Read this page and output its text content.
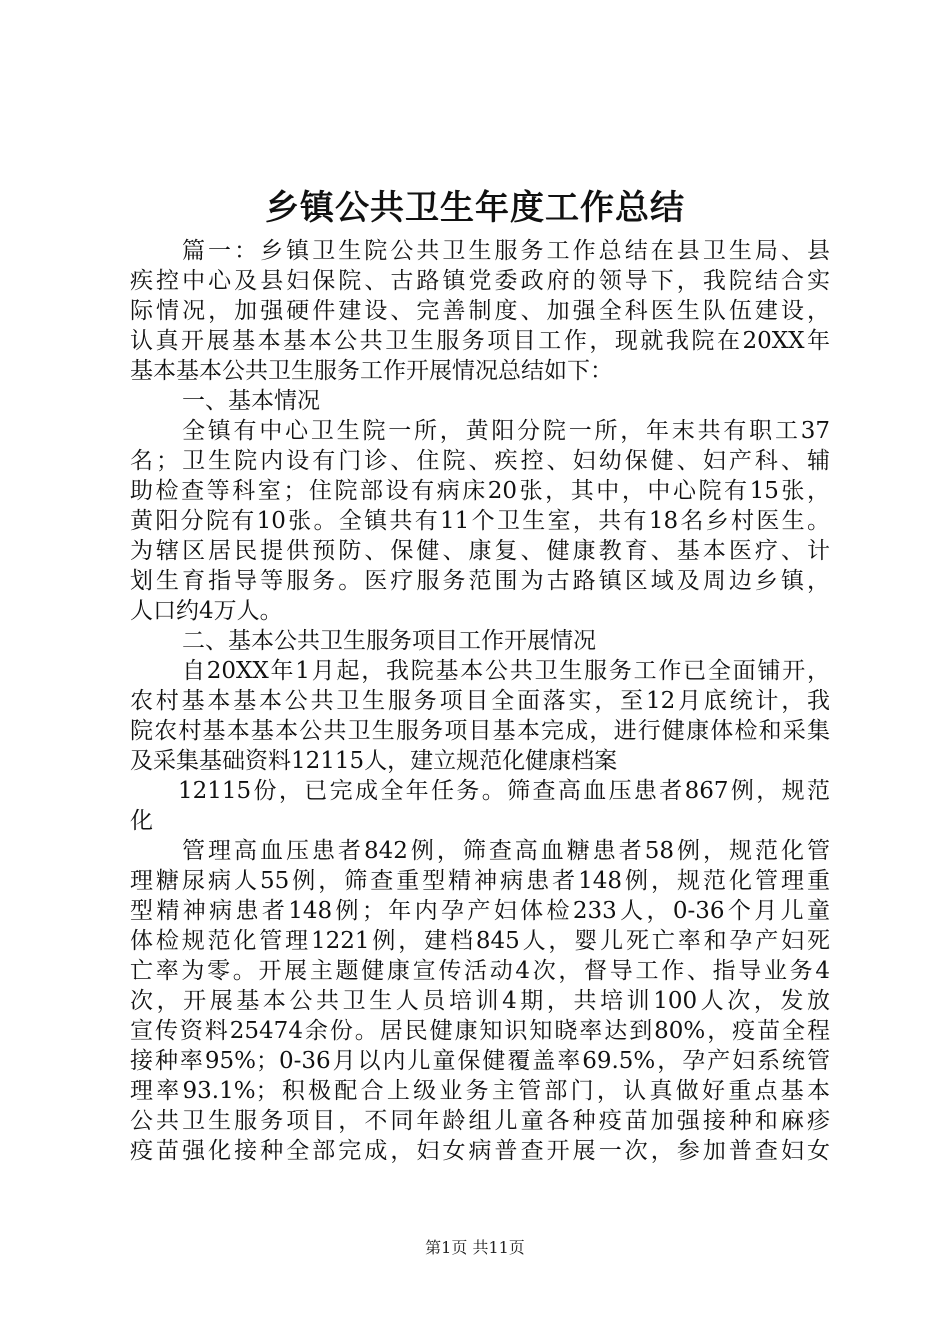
乡镇公共卫生年度工作总结
篇一：乡镇卫生院公共卫生服务工作总结在县卫生局、县
疾控中心及县妇保院、古路镇党委政府的领导下，我院结合实
际情况，加强硬件建设、完善制度、加强全科医生队伍建设，
认真开展基本基本公共卫生服务项目工作，现就我院在20XX年
基本基本公共卫生服务工作开展情况总结如下：
一、基本情况
全镇有中心卫生院一所，黄阳分院一所，年末共有职工37
名；卫生院内设有门诊、住院、疾控、妇幼保健、妇产科、辅
助检查等科室；住院部设有病床20张，其中，中心院有15张，
黄阳分院有10张。全镇共有11个卫生室，共有18名乡村医生。
为辖区居民提供预防、保健、康复、健康教育、基本医疗、计
划生育指导等服务。医疗服务范围为古路镇区域及周边乡镇，
人口约4万人。
二、基本公共卫生服务项目工作开展情况
自20XX年1月起，我院基本公共卫生服务工作已全面铺开，
农村基本基本公共卫生服务项目全面落实，至12月底统计，我
院农村基本基本公共卫生服务项目基本完成，进行健康体检和采集
及采集基础资料12115人，建立规范化健康档案
12115份，已完成全年任务。筛查高血压患者867例，规范
化
管理高血压患者842例，筛查高血糖患者58例，规范化管
理糖尿病人55例，筛查重型精神病患者148例，规范化管理重
型精神病患者148例；年内孕产妇体检233人，0-36个月儿童
体检规范化管理1221例，建档845人，婴儿死亡率和孕产妇死
亡率为零。开展主题健康宣传活动4次，督导工作、指导业务4
次，开展基本公共卫生人员培训4期，共培训100人次，发放
宣传资料25474余份。居民健康知识知晓率达到80%，疫苗全程
接种率95%；0-36月以内儿童保健覆盖率69.5%，孕产妇系统管
理率93.1%；积极配合上级业务主管部门，认真做好重点基本
公共卫生服务项目，不同年龄组儿童各种疫苗加强接种和麻疹
疫苗强化接种全部完成，妇女病普查开展一次，参加普查妇女
第1页 共11页
